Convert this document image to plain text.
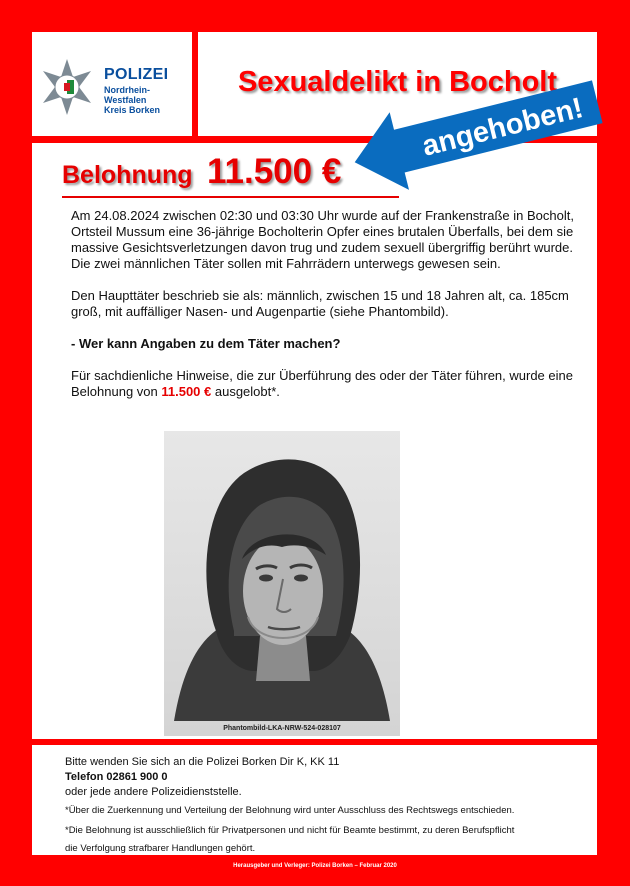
POLIZEI
Nordrhein-Westfalen
Kreis Borken
Sexualdelikt in Bocholt
Belohnung 11.500 €

Am 24.08.2024 zwischen 02:30 und 03:30 Uhr wurde auf der Frankenstraße in Bocholt, Ortsteil Mussum eine 36-jährige Bocholterin Opfer eines brutalen Überfalls, bei dem sie massive Gesichtsverletzungen davon trug und zudem sexuell übergriffig berührt wurde.

Die zwei männlichen Täter sollen mit Fahrrädern unterwegs gewesen sein.

Den Haupttäter beschrieb sie als: männlich, zwischen 15 und 18 Jahren alt, ca. 185cm groß, mit auffälliger Nasen- und Augenpartie (siehe Phantombild).

- Wer kann Angaben zu dem Täter machen?

Für sachdienliche Hinweise, die zur Überführung des oder der Täter führen, wurde eine Belohnung von 11.500 € ausgelobt*.

Phantombild-LKA-NRW-524-028107
angehoben!
Bitte wenden Sie sich an die Polizei Borken Dir K, KK 11
Telefon 02861 900 0
oder jede andere Polizeidienststelle.
*Über die Zuerkennung und Verteilung der Belohnung wird unter Ausschluss des Rechtswegs entschieden.
*Die Belohnung ist ausschließlich für Privatpersonen und nicht für Beamte bestimmt, zu deren Berufspflicht
die Verfolgung strafbarer Handlungen gehört.
Herausgeber und Verleger: Polizei Borken – Februar 2020
